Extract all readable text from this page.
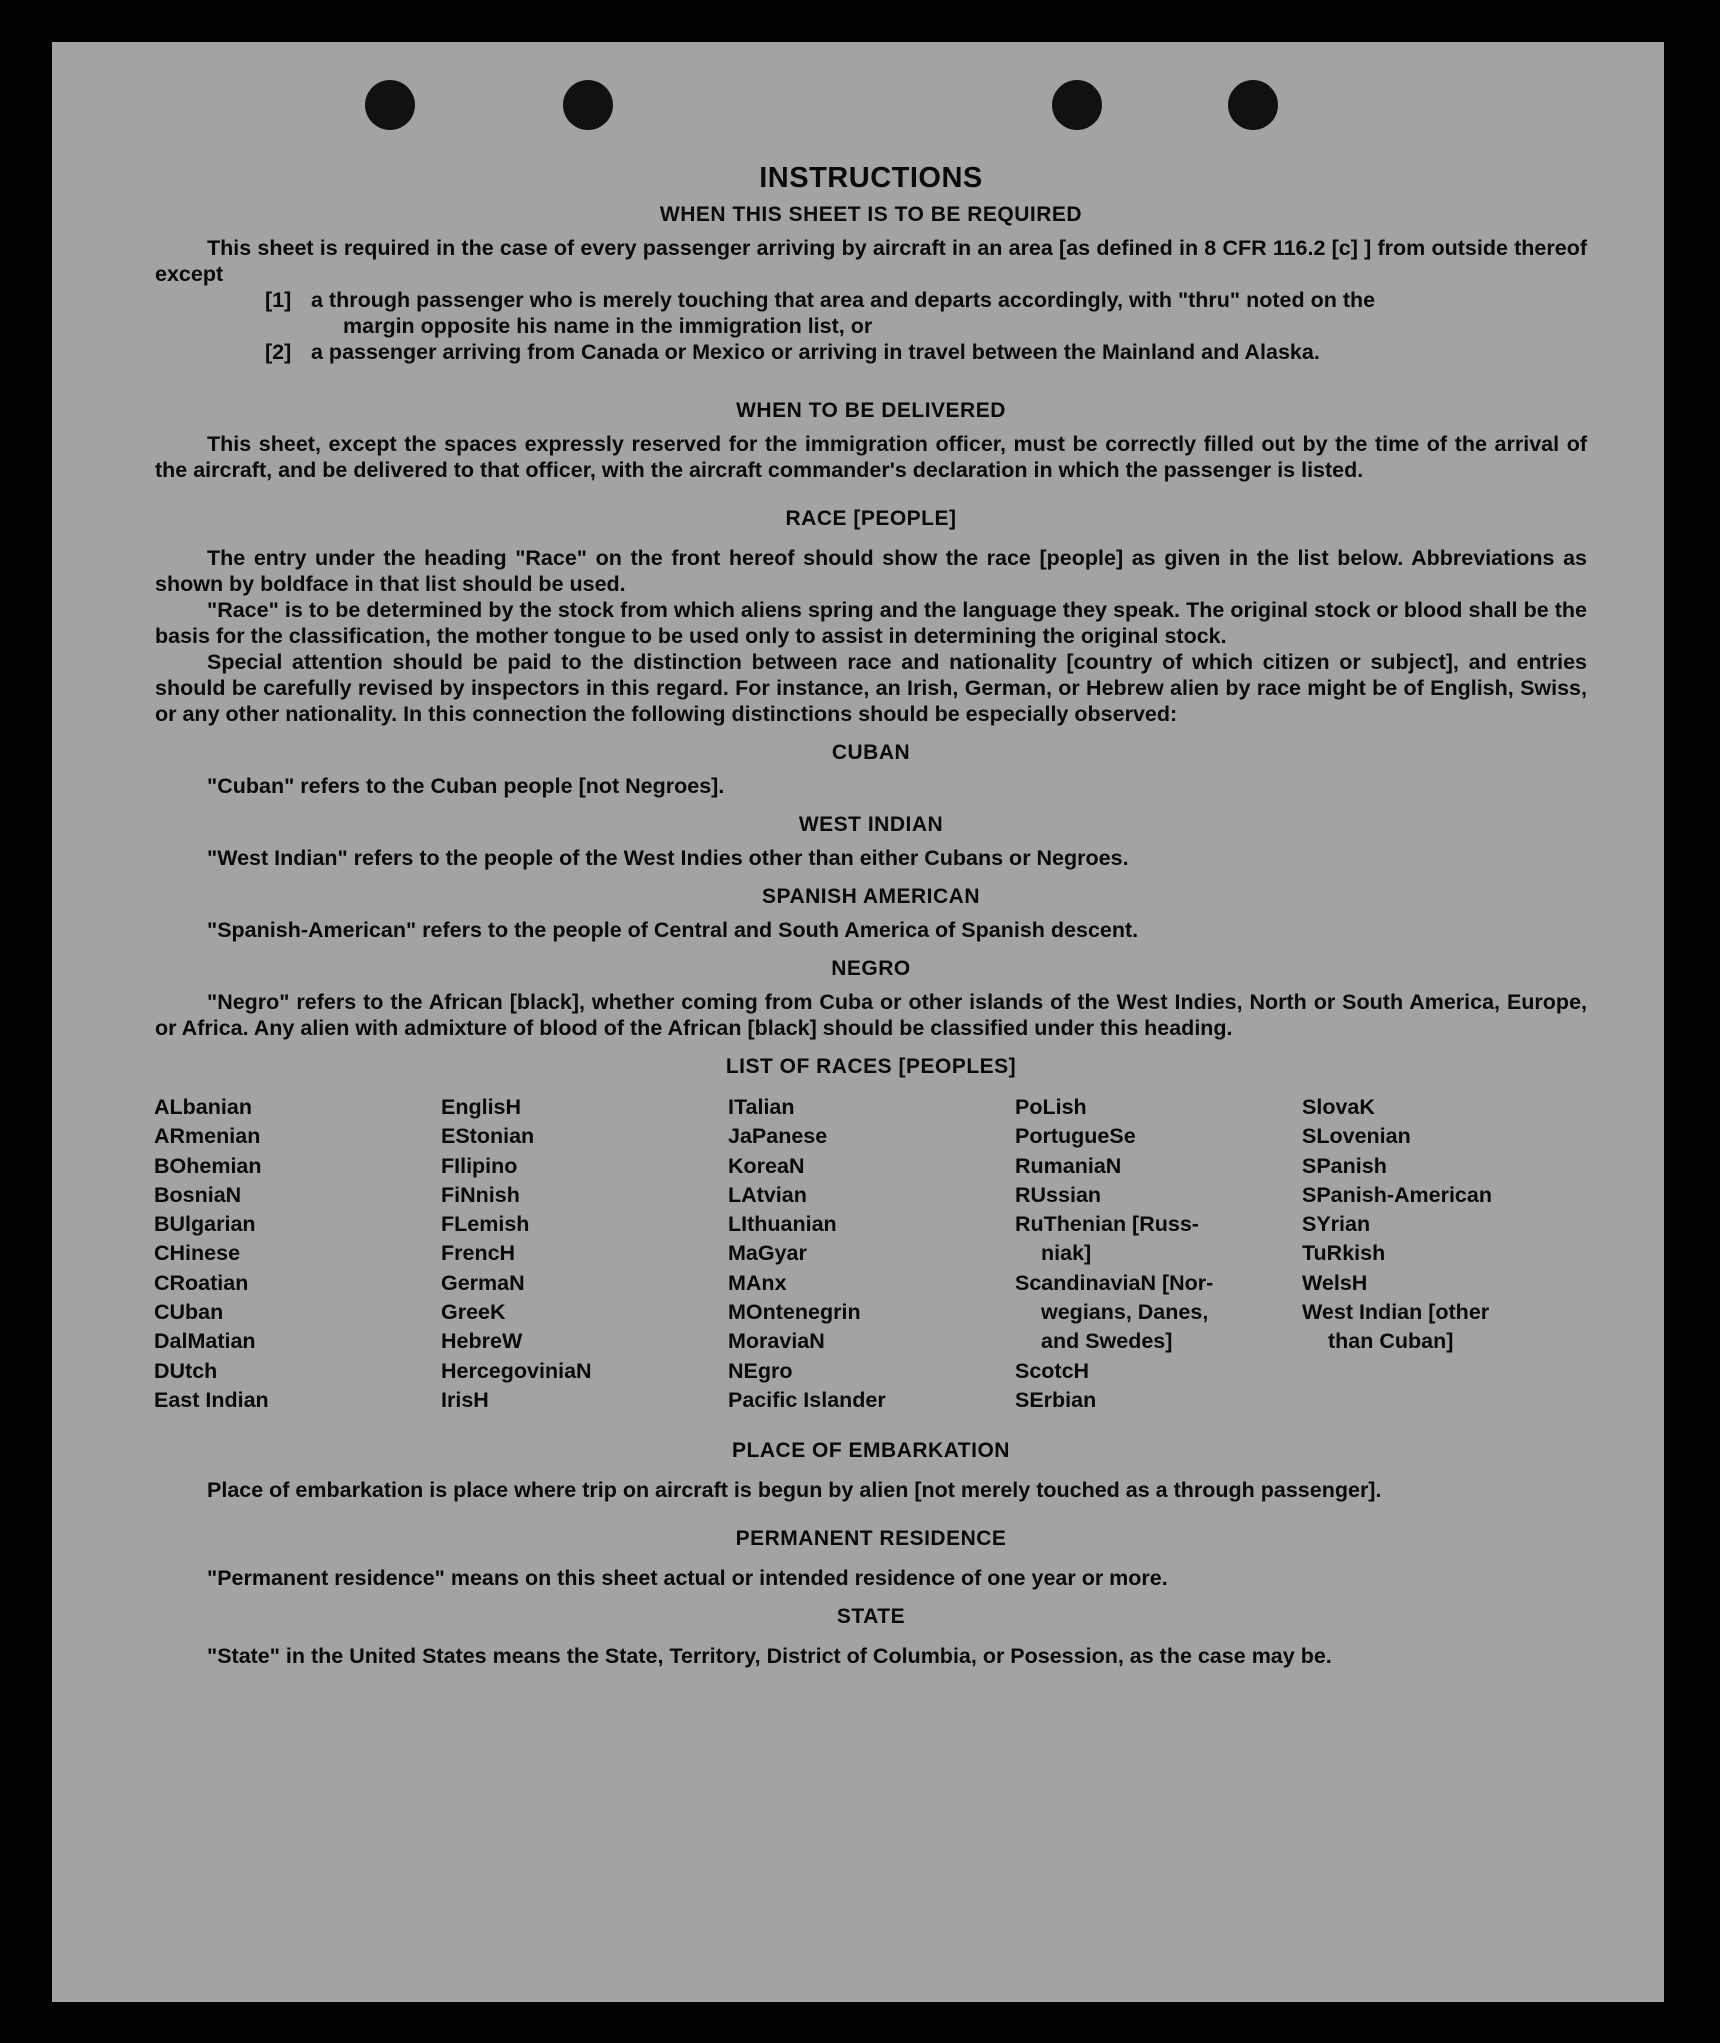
INSTRUCTIONS
WHEN THIS SHEET IS TO BE REQUIRED

This sheet is required in the case of every passenger arriving by aircraft in an area [as defined in 8 CFR 116.2 [c] ] from outside thereof except

[1] a through passenger who is merely touching that area and departs accordingly, with "thru" noted on the
margin opposite his name in the immigration list, or
[2] a passenger arriving from Canada or Mexico or arriving in travel between the Mainland and Alaska.
WHEN TO BE DELIVERED

This sheet, except the spaces expressly reserved for the immigration officer, must be correctly filled out by the time of the arrival of the aircraft, and be delivered to that officer, with the aircraft commander's declaration in which the passenger is listed.

RACE [PEOPLE]

The entry under the heading "Race" on the front hereof should show the race [people] as given in the list below. Abbreviations as shown by boldface in that list should be used.

"Race" is to be determined by the stock from which aliens spring and the language they speak. The original stock or blood shall be the basis for the classification, the mother tongue to be used only to assist in determining the original stock.

Special attention should be paid to the distinction between race and nationality [country of which citizen or subject], and entries should be carefully revised by inspectors in this regard. For instance, an Irish, German, or Hebrew alien by race might be of English, Swiss, or any other nationality. In this connection the following distinctions should be especially observed:

CUBAN

"Cuban" refers to the Cuban people [not Negroes].

WEST INDIAN

"West Indian" refers to the people of the West Indies other than either Cubans or Negroes.

SPANISH AMERICAN

"Spanish-American" refers to the people of Central and South America of Spanish descent.

NEGRO

"Negro" refers to the African [black], whether coming from Cuba or other islands of the West Indies, North or South America, Europe, or Africa. Any alien with admixture of blood of the African [black] should be classified under this heading.

LIST OF RACES [PEOPLES]
ALbanian
ARmenian
BOhemian
BosniaN
BUlgarian
CHinese
CRoatian
CUban
DalMatian
DUtch
East Indian
EnglisH
EStonian
FIlipino
FiNnish
FLemish
FrencH
GermaN
GreeK
HebreW
HercegoviniaN
IrisH
ITalian
JaPanese
KoreaN
LAtvian
LIthuanian
MaGyar
MAnx
MOntenegrin
MoraviaN
NEgro
Pacific Islander
PoLish
PortugueSe
RumaniaN
RUssian
RuThenian [Russ-
niak]
ScandinaviaN [Nor-
wegians, Danes,
and Swedes]
ScotcH
SErbian
SlovaK
SLovenian
SPanish
SPanish-American
SYrian
TuRkish
WelsH
West Indian [other
than Cuban]
PLACE OF EMBARKATION

Place of embarkation is place where trip on aircraft is begun by alien [not merely touched as a through passenger].

PERMANENT RESIDENCE

"Permanent residence" means on this sheet actual or intended residence of one year or more.

STATE

"State" in the United States means the State, Territory, District of Columbia, or Posession, as the case may be.
